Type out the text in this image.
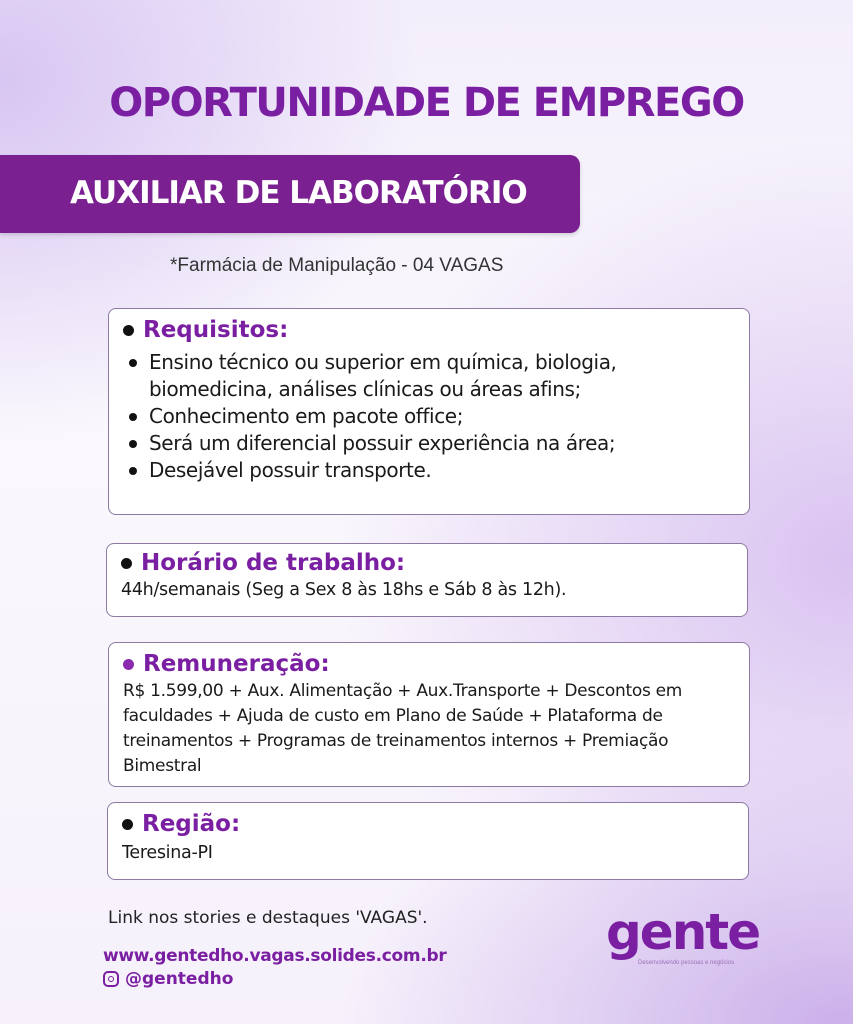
OPORTUNIDADE DE EMPREGO
AUXILIAR DE LABORATÓRIO
*Farmácia de Manipulação - 04 VAGAS
Requisitos:
Ensino técnico ou superior em química, biologia, biomedicina, análises clínicas ou áreas afins;
Conhecimento em pacote office;
Será um diferencial possuir experiência na área;
Desejável possuir transporte.
Horário de trabalho:
44h/semanais (Seg a Sex 8 às 18hs e Sáb 8 às 12h).
Remuneração:
R$ 1.599,00 + Aux. Alimentação + Aux.Transporte + Descontos em faculdades + Ajuda de custo em Plano de Saúde + Plataforma de treinamentos + Programas de treinamentos internos + Premiação Bimestral
Região:
Teresina-PI
Link nos stories e destaques 'VAGAS'.
www.gentedho.vagas.solides.com.br
@gentedho
gente
Desenvolvendo pessoas e negócios
